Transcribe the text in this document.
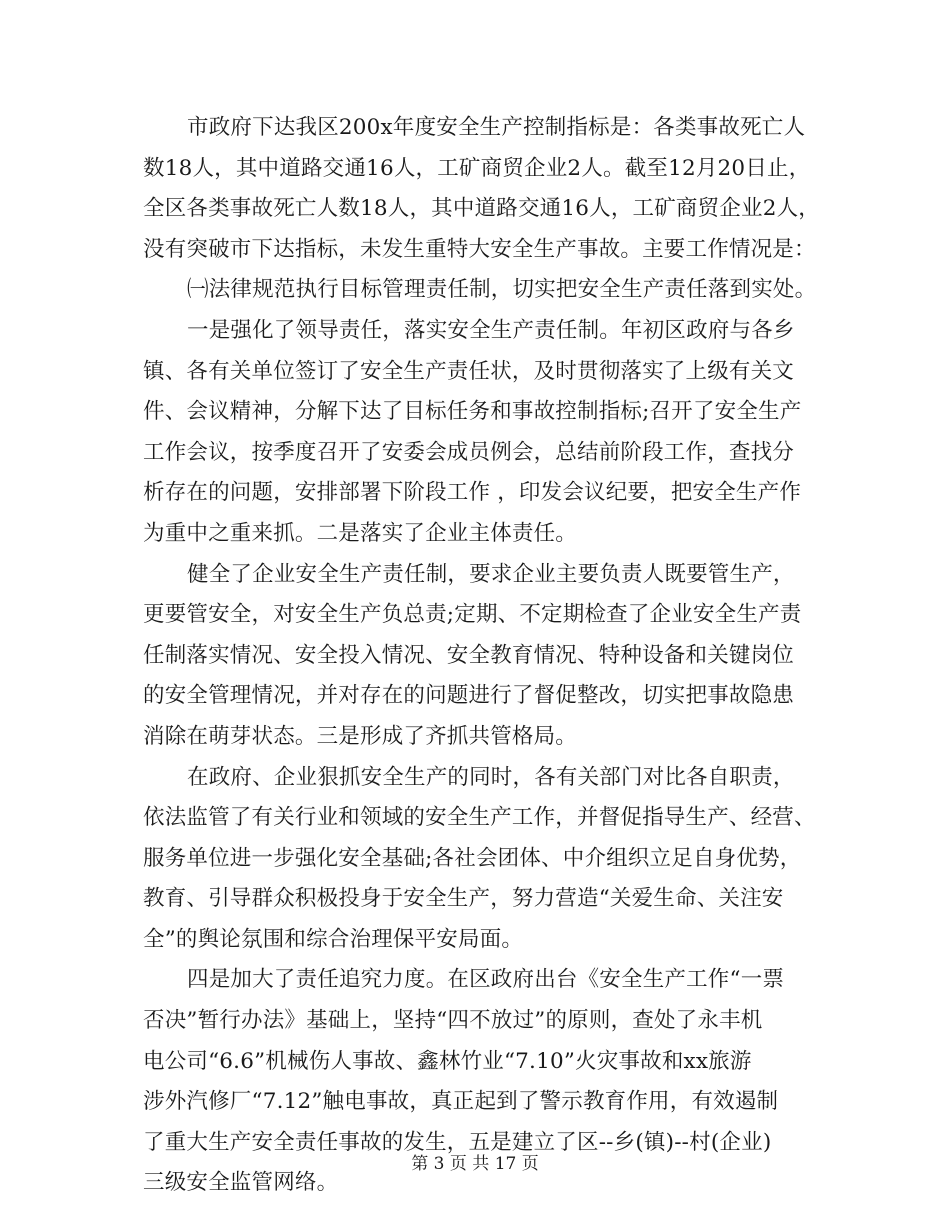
市政府下达我区200x年度安全生产控制指标是：各类事故死亡人
数18人，其中道路交通16人，工矿商贸企业2人。截至12月20日止，
全区各类事故死亡人数18人，其中道路交通16人，工矿商贸企业2人，
没有突破市下达指标，未发生重特大安全生产事故。主要工作情况是：
㈠法律规范执行目标管理责任制，切实把安全生产责任落到实处。
一是强化了领导责任，落实安全生产责任制。年初区政府与各乡
镇、各有关单位签订了安全生产责任状，及时贯彻落实了上级有关文
件、会议精神，分解下达了目标任务和事故控制指标;召开了安全生产
工作会议，按季度召开了安委会成员例会，总结前阶段工作，查找分
析存在的问题，安排部署下阶段工作 ，印发会议纪要，把安全生产作
为重中之重来抓。二是落实了企业主体责任。
健全了企业安全生产责任制，要求企业主要负责人既要管生产，
更要管安全，对安全生产负总责;定期、不定期检查了企业安全生产责
任制落实情况、安全投入情况、安全教育情况、特种设备和关键岗位
的安全管理情况，并对存在的问题进行了督促整改，切实把事故隐患
消除在萌芽状态。三是形成了齐抓共管格局。
在政府、企业狠抓安全生产的同时，各有关部门对比各自职责，
依法监管了有关行业和领域的安全生产工作，并督促指导生产、经营、
服务单位进一步强化安全基础;各社会团体、中介组织立足自身优势，
教育、引导群众积极投身于安全生产，努力营造“关爱生命、关注安
全”的舆论氛围和综合治理保平安局面。
四是加大了责任追究力度。在区政府出台《安全生产工作“一票
否决”暂行办法》基础上，坚持“四不放过”的原则，查处了永丰机
电公司“6.6”机械伤人事故、鑫林竹业“7.10”火灾事故和xx旅游
涉外汽修厂“7.12”触电事故，真正起到了警示教育作用，有效遏制
了重大生产安全责任事故的发生，五是建立了区--乡(镇)--村(企业)
三级安全监管网络。
第 3 页 共 17 页
